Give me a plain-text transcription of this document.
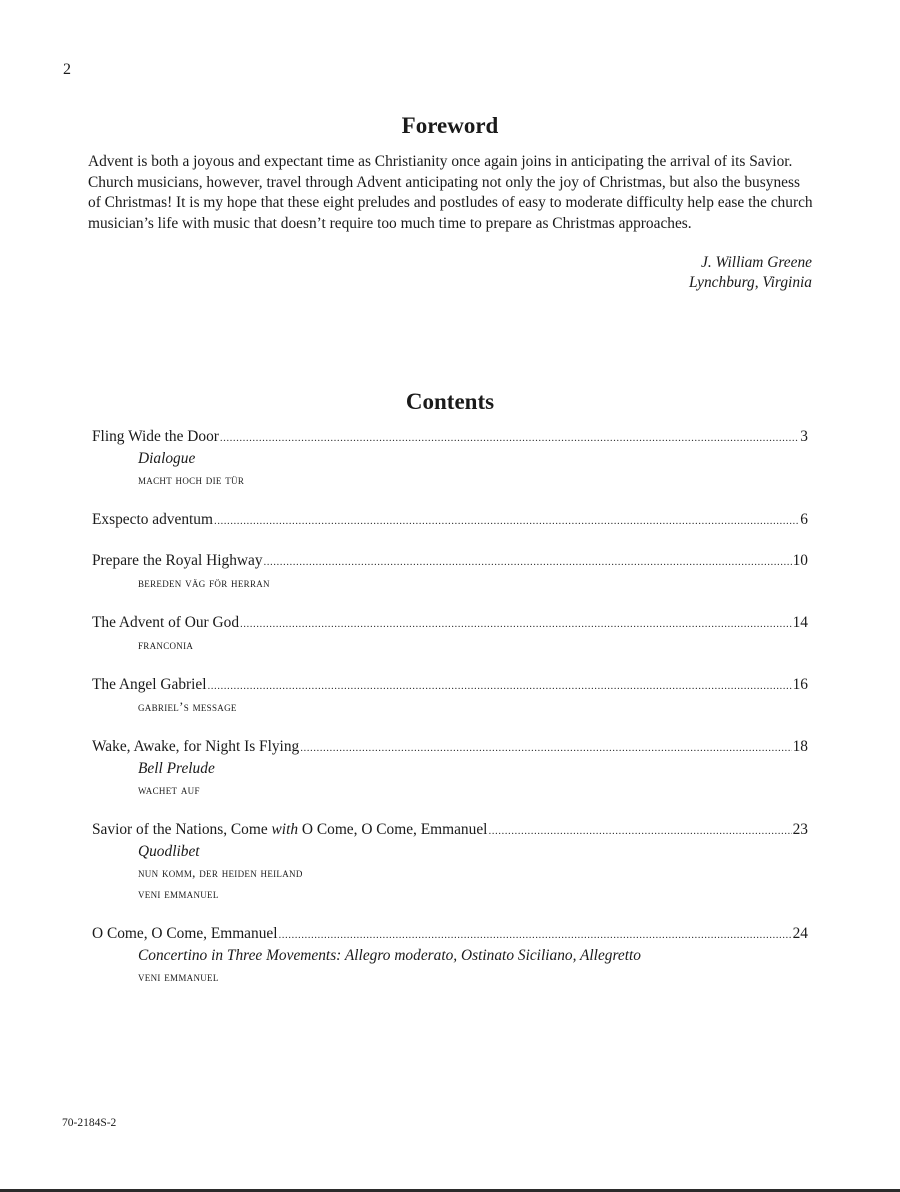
2
Foreword
Advent is both a joyous and expectant time as Christianity once again joins in anticipating the arrival of its Savior. Church musicians, however, travel through Advent anticipating not only the joy of Christmas, but also the busyness of Christmas! It is my hope that these eight preludes and postludes of easy to moderate difficulty help ease the church musician’s life with music that doesn’t require too much time to prepare as Christmas approaches.
J. William Greene
Lynchburg, Virginia
Contents
Fling Wide the Door .....	3
Dialogue
macht hoch die tür
Exspecto adventum .....	6
Prepare the Royal Highway .....	10
bereden väg för herran
The Advent of Our God .....	14
franconia
The Angel Gabriel .....	16
gabriel’s message
Wake, Awake, for Night Is Flying .....	18
Bell Prelude
wachet auf
Savior of the Nations, Come with O Come, O Come, Emmanuel .....	23
Quodlibet
nun komm, der heiden heiland
veni emmanuel
O Come, O Come, Emmanuel .....	24
Concertino in Three Movements: Allegro moderato, Ostinato Siciliano, Allegretto
veni emmanuel
70-2184S-2
